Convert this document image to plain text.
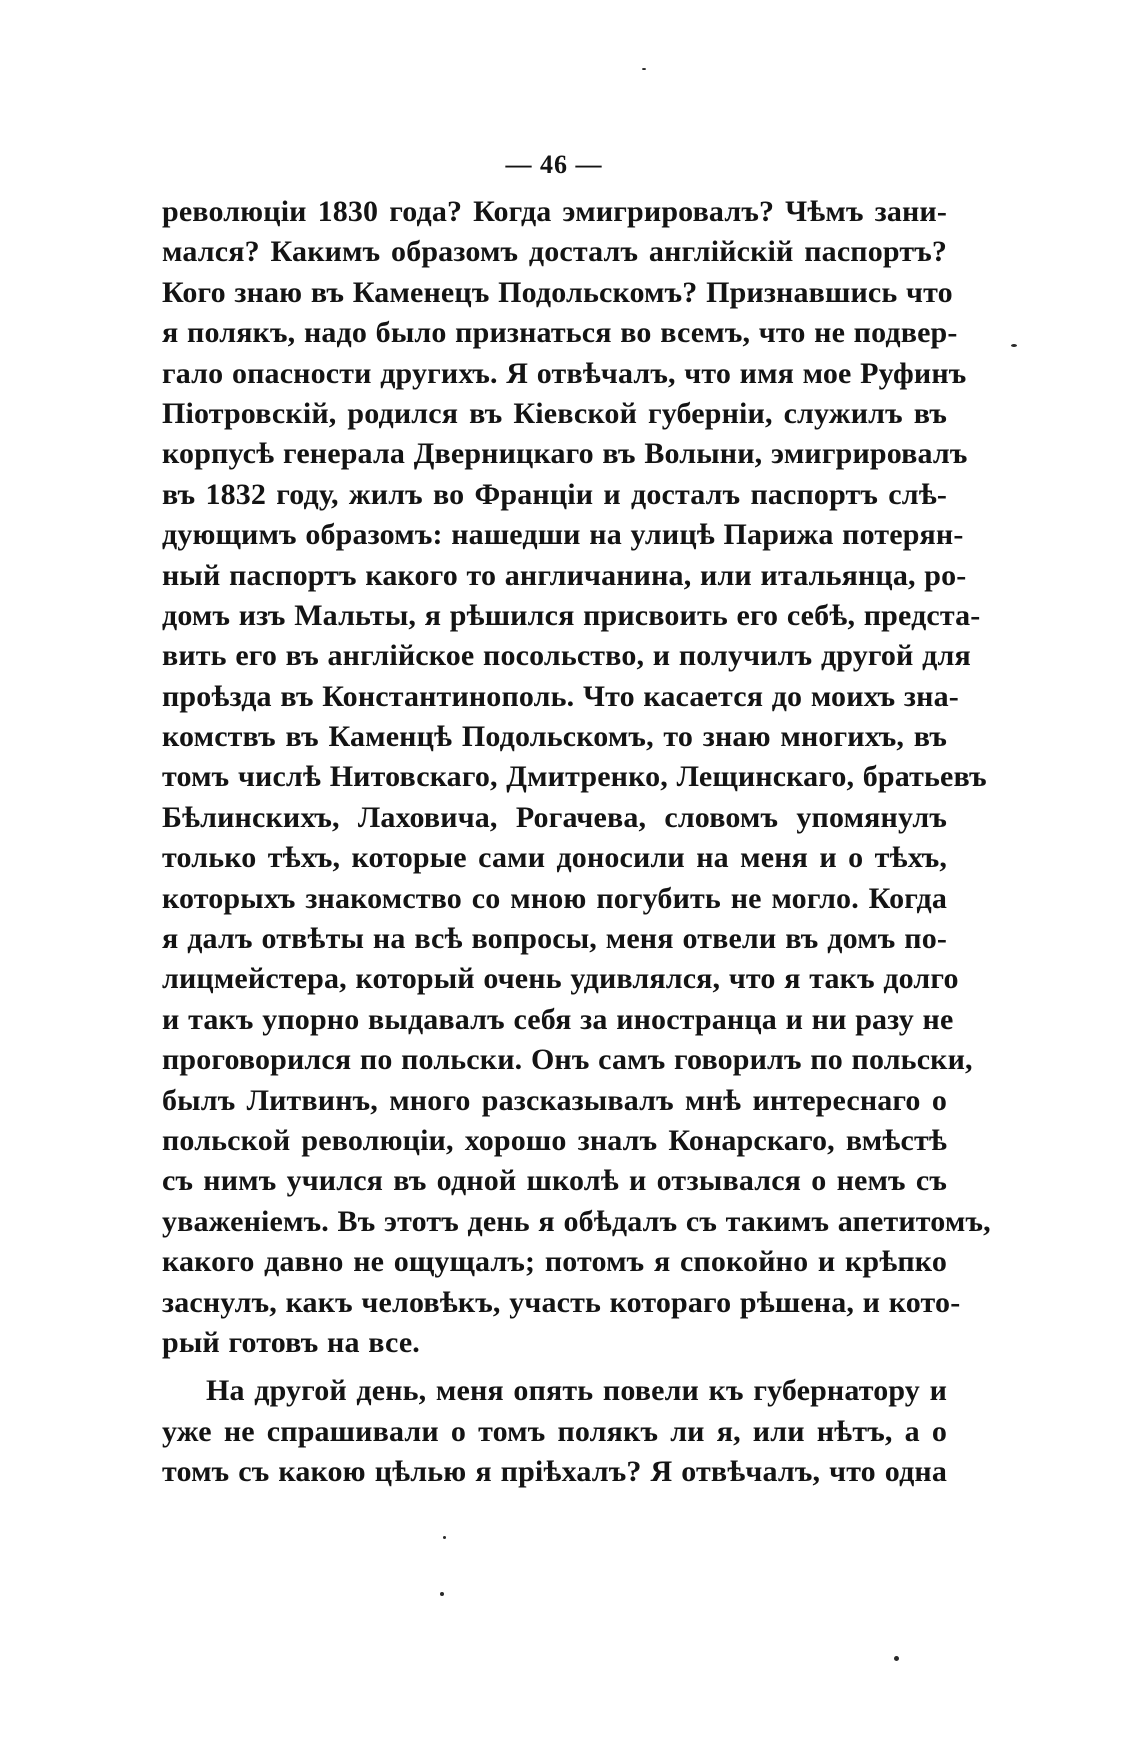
— 46 —
революціи 1830 года? Когда эмигрировалъ? Чѣмъ зани-
мался? Какимъ образомъ досталъ англійскій паспортъ?
Кого знаю въ Каменецъ Подольскомъ? Признавшись что
я полякъ, надо было признаться во всемъ, что не подвер-
гало опасности другихъ. Я отвѣчалъ, что имя мое Руфинъ
Піотровскій, родился въ Кіевской губерніи, служилъ въ
корпусѣ генерала Дверницкаго въ Волыни, эмигрировалъ
въ 1832 году, жилъ во Франціи и досталъ паспортъ слѣ-
дующимъ образомъ: нашедши на улицѣ Парижа потерян-
ный паспортъ какого то англичанина, или итальянца, ро-
домъ изъ Мальты, я рѣшился присвоить его себѣ, предста-
вить его въ англійское посольство, и получилъ другой для
проѣзда въ Константинополь. Что касается до моихъ зна-
комствъ въ Каменцѣ Подольскомъ, то знаю многихъ, въ
томъ числѣ Нитовскаго, Дмитренко, Лещинскаго, братьевъ
Бѣлинскихъ, Лаховича, Рогачева, словомъ упомянулъ
только тѣхъ, которые сами доносили на меня и о тѣхъ,
которыхъ знакомство со мною погубить не могло. Когда
я далъ отвѣты на всѣ вопросы, меня отвели въ домъ по-
лицмейстера, который очень удивлялся, что я такъ долго
и такъ упорно выдавалъ себя за иностранца и ни разу не
проговорился по польски. Онъ самъ говорилъ по польски,
былъ Литвинъ, много разсказывалъ мнѣ интереснаго о
польской революціи, хорошо зналъ Конарскаго, вмѣстѣ
съ нимъ учился въ одной школѣ и отзывался о немъ съ
уваженіемъ. Въ этотъ день я обѣдалъ съ такимъ апетитомъ,
какого давно не ощущалъ; потомъ я спокойно и крѣпко
заснулъ, какъ человѣкъ, участь котораго рѣшена, и кото-
рый готовъ на все.
На другой день, меня опять повели къ губернатору и
уже не спрашивали о томъ полякъ ли я, или нѣтъ, а о
томъ съ какою цѣлью я пріѣхалъ? Я отвѣчалъ, что одна
